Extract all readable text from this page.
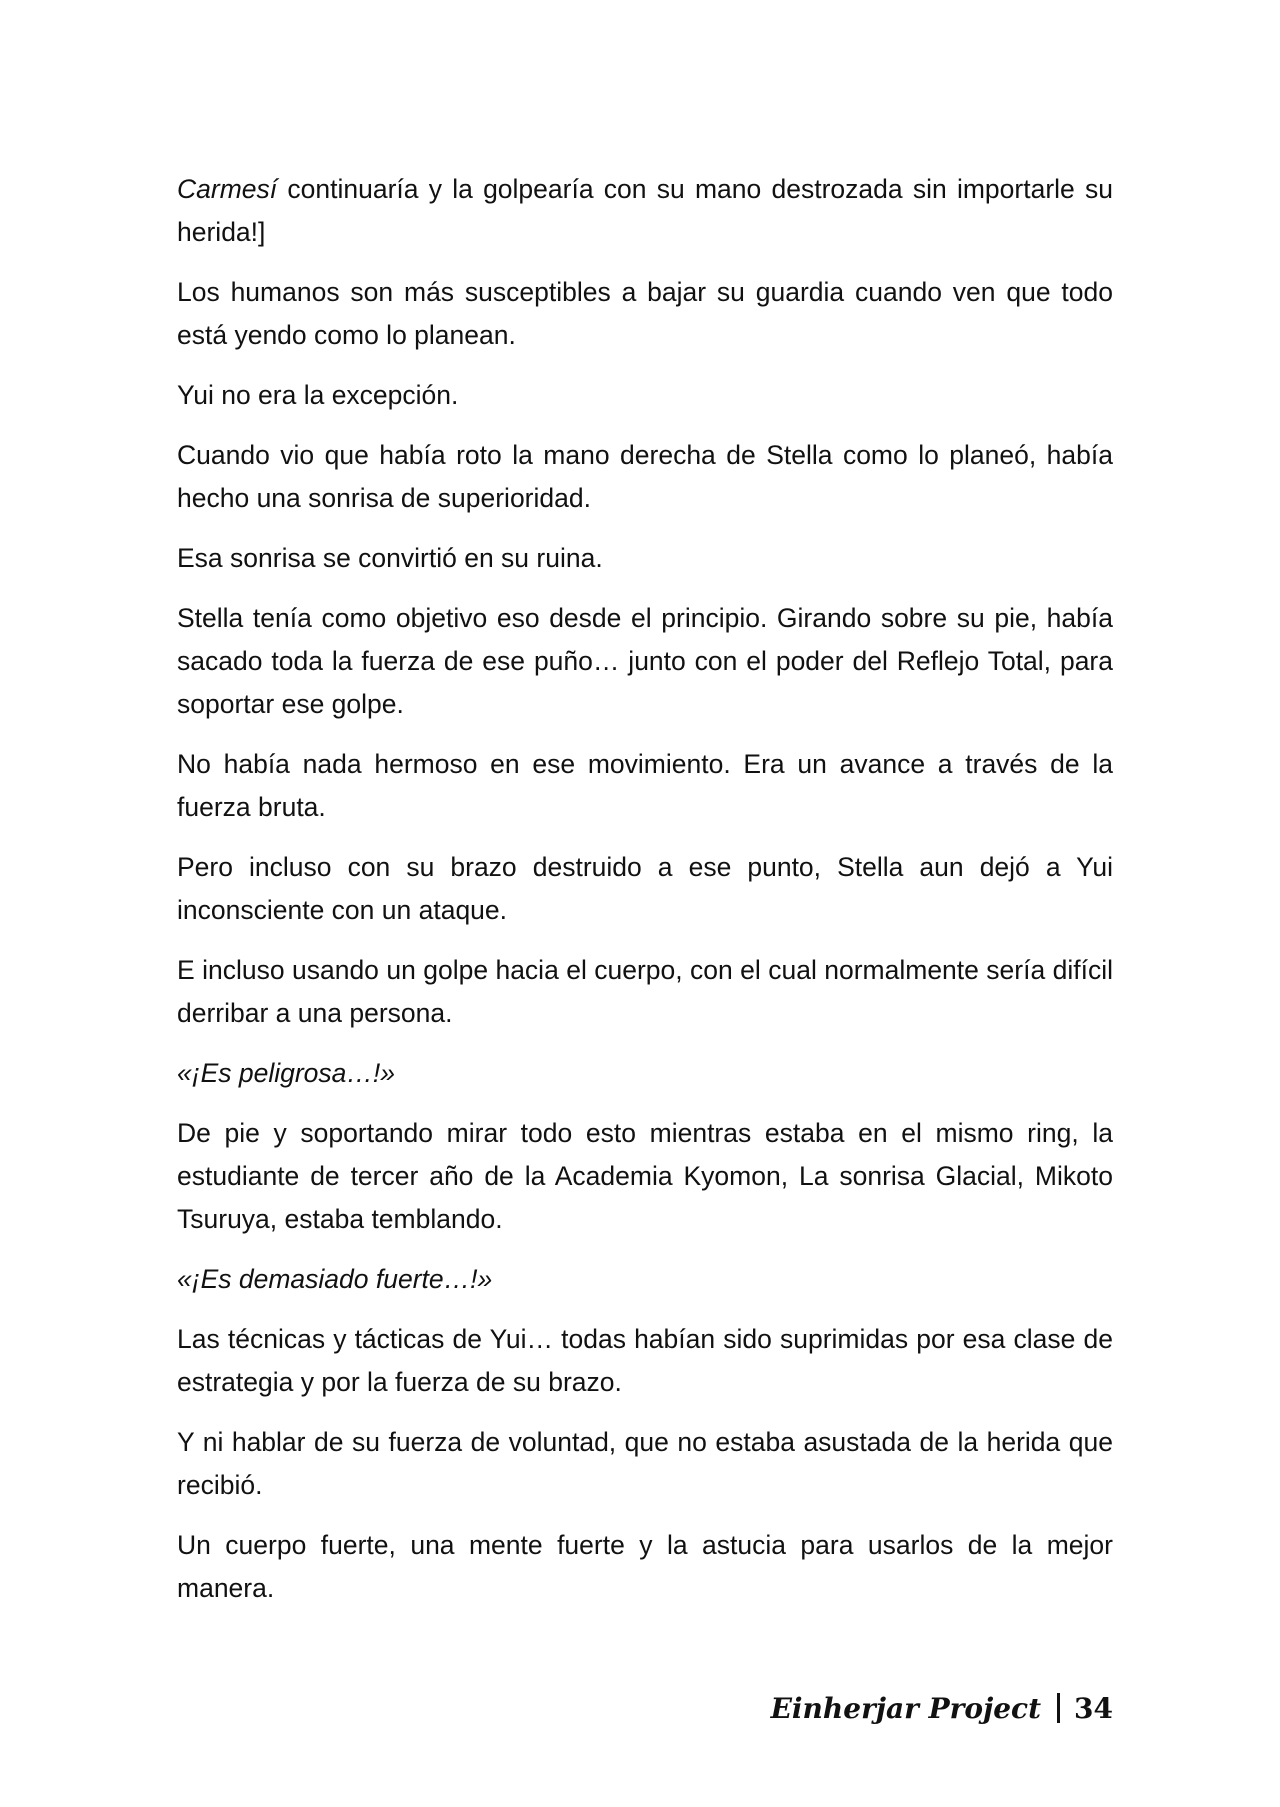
Carmesí continuaría y la golpearía con su mano destrozada sin importarle su herida!]

Los humanos son más susceptibles a bajar su guardia cuando ven que todo está yendo como lo planean.

Yui no era la excepción.

Cuando vio que había roto la mano derecha de Stella como lo planeó, había hecho una sonrisa de superioridad.

Esa sonrisa se convirtió en su ruina.

Stella tenía como objetivo eso desde el principio. Girando sobre su pie, había sacado toda la fuerza de ese puño… junto con el poder del Reflejo Total, para soportar ese golpe.

No había nada hermoso en ese movimiento. Era un avance a través de la fuerza bruta.

Pero incluso con su brazo destruido a ese punto, Stella aun dejó a Yui inconsciente con un ataque.

E incluso usando un golpe hacia el cuerpo, con el cual normalmente sería difícil derribar a una persona.

«¡Es peligrosa…!»

De pie y soportando mirar todo esto mientras estaba en el mismo ring, la estudiante de tercer año de la Academia Kyomon, La sonrisa Glacial, Mikoto Tsuruya, estaba temblando.

«¡Es demasiado fuerte…!»

Las técnicas y tácticas de Yui… todas habían sido suprimidas por esa clase de estrategia y por la fuerza de su brazo.

Y ni hablar de su fuerza de voluntad, que no estaba asustada de la herida que recibió.

Un cuerpo fuerte, una mente fuerte y la astucia para usarlos de la mejor manera.

Einherjar Project 34
